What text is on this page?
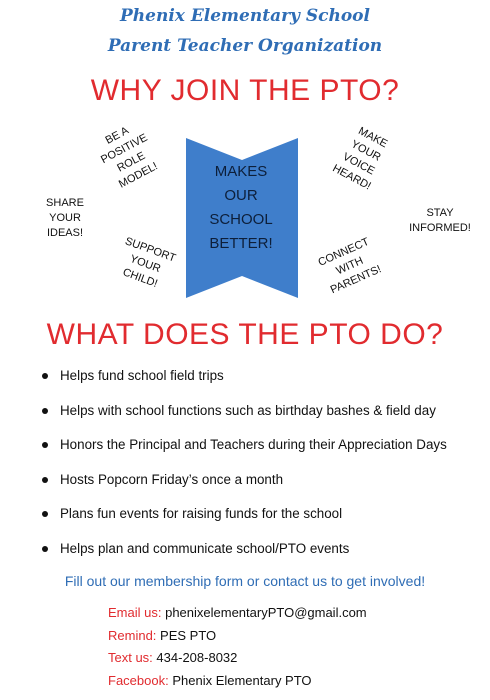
Phenix Elementary School
Parent Teacher Organization
WHY JOIN THE PTO?
BE A
POSITIVE
ROLE
MODEL!
SHARE
YOUR
IDEAS!
SUPPORT
YOUR
CHILD!
MAKE
YOUR
VOICE
HEARD!
STAY
INFORMED!
CONNECT
WITH
PARENTS!
MAKES
OUR
SCHOOL
BETTER!
WHAT DOES THE PTO DO?
Helps fund school field trips
Helps with school functions such as birthday bashes & field day
Honors the Principal and Teachers during their Appreciation Days
Hosts Popcorn Friday’s once a month
Plans fun events for raising funds for the school
Helps plan and communicate school/PTO events
Fill out our membership form or contact us to get involved!
Email us: phenixelementaryPTO@gmail.com
Remind: PES PTO
Text us: 434-208-8032
Facebook: Phenix Elementary PTO
